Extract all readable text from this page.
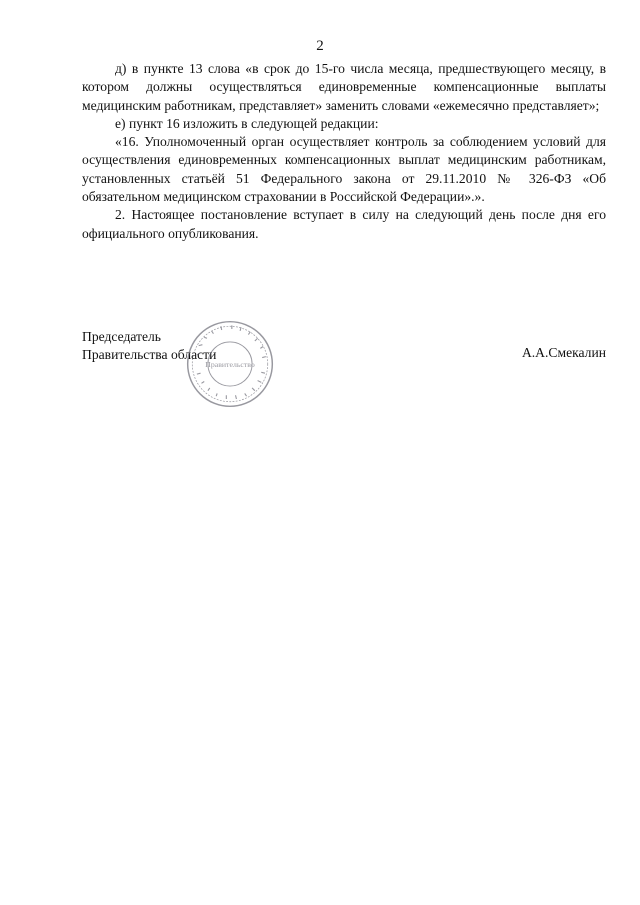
2

д) в пункте 13 слова «в срок до 15-го числа месяца, предшествующего месяцу, в котором должны осуществляться единовременные компенсационные выплаты медицинским работникам, представляет» заменить словами «ежемесячно представляет»;

е) пункт 16 изложить в следующей редакции:

«16. Уполномоченный орган осуществляет контроль за соблюдением условий для осуществления единовременных компенсационных выплат медицинским работникам, установленных статьёй 51 Федерального закона от 29.11.2010 № 326-ФЗ «Об обязательном медицинском страховании в Российской Федерации».».

2. Настоящее постановление вступает в силу на следующий день после дня его официального опубликования.

Председатель
Правительства области
Правительство
А.А.Смекалин
